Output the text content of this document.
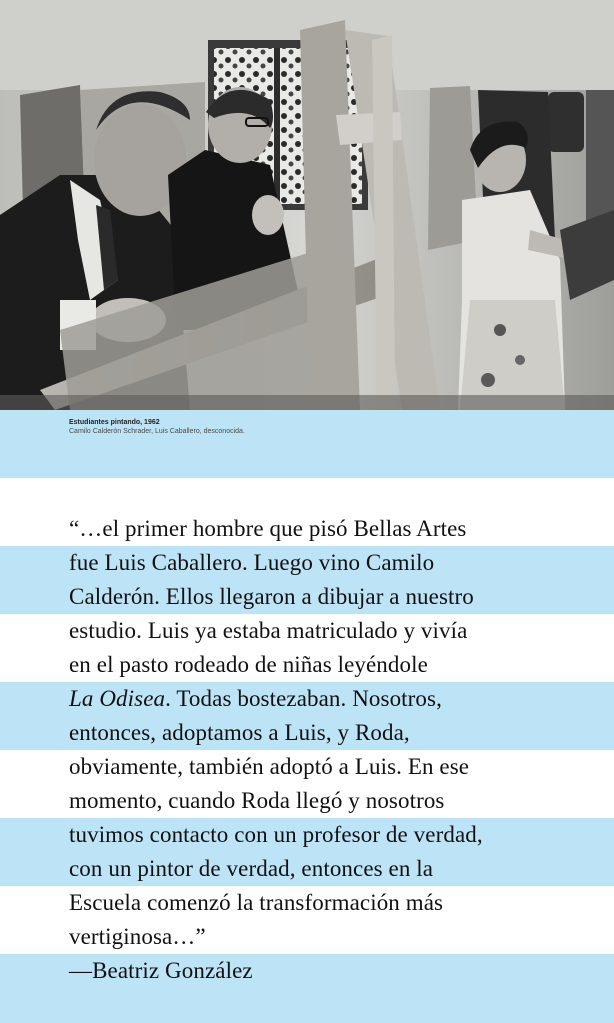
Estudiantes pintando, 1962
Camilo Calderón Schrader, Luis Caballero, desconocida.
“…el primer hombre que pisó Bellas Artes
fue Luis Caballero. Luego vino Camilo
Calderón. Ellos llegaron a dibujar a nuestro
estudio. Luis ya estaba matriculado y vivía
en el pasto rodeado de niñas leyéndole
La Odisea. Todas bostezaban. Nosotros,
entonces, adoptamos a Luis, y Roda,
obviamente, también adoptó a Luis. En ese
momento, cuando Roda llegó y nosotros
tuvimos contacto con un profesor de verdad,
con un pintor de verdad, entonces en la
Escuela comenzó la transformación más
vertiginosa…”
—Beatriz González
